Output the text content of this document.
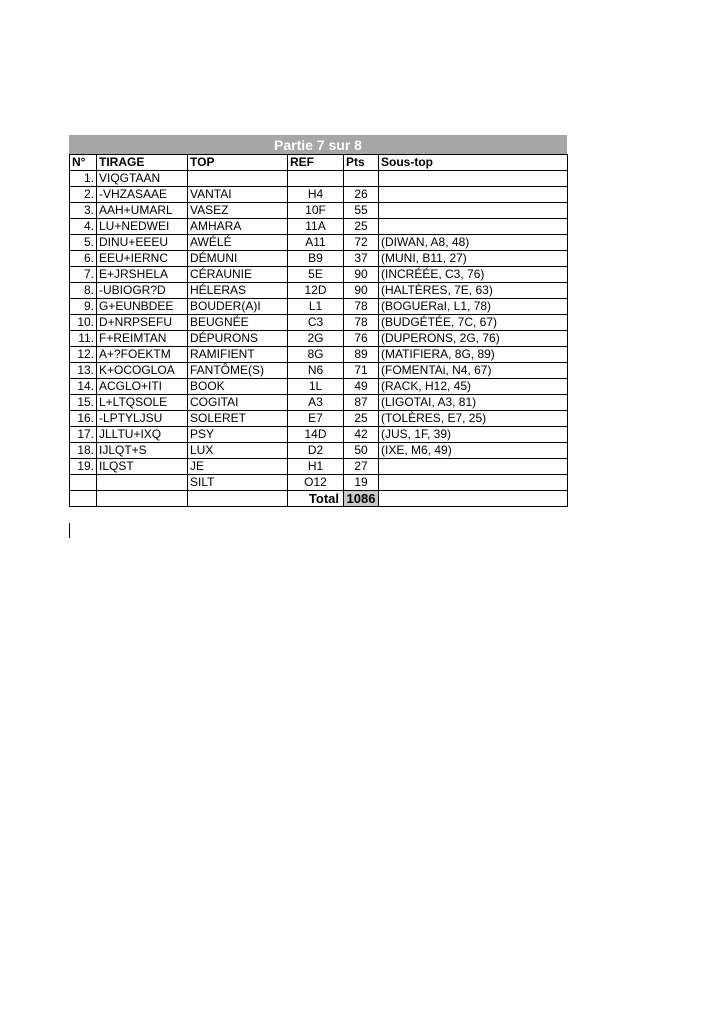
Partie 7 sur 8
N°	TIRAGE	TOP	REF	Pts	Sous-top
1.	VIQGTAAN				
2.	-VHZASAAE	VANTAI	H4	26	
3.	AAH+UMARL	VASEZ	10F	55	
4.	LU+NEDWEI	AMHARA	11A	25	
5.	DINU+EEEU	AWÉLÉ	A11	72	(DIWAN, A8, 48)
6.	EEU+IERNC	DÉMUNI	B9	37	(MUNI, B11, 27)
7.	E+JRSHELA	CÉRAUNIE	5E	90	(INCRÉÉE, C3, 76)
8.	-UBIOGR?D	HÉLERAS	12D	90	(HALTÈRES, 7E, 63)
9.	G+EUNBDEE	BOUDER(A)I	L1	78	(BOGUERaI, L1, 78)
10.	D+NRPSEFU	BEUGNÉE	C3	78	(BUDGÉTÉE, 7C, 67)
11.	F+REIMTAN	DÉPURONS	2G	76	(DUPERONS, 2G, 76)
12.	A+?FOEKTM	RAMIFIENT	8G	89	(MATIFIERA, 8G, 89)
13.	K+OCOGLOA	FANTÔME(S)	N6	71	(FOMENTAi, N4, 67)
14.	ACGLO+ITI	BOOK	1L	49	(RACK, H12, 45)
15.	L+LTQSOLE	COGITAI	A3	87	(LIGOTAI, A3, 81)
16.	-LPTYLJSU	SOLERET	E7	25	(TOLÈRES, E7, 25)
17.	JLLTU+IXQ	PSY	14D	42	(JUS, 1F, 39)
18.	IJLQT+S	LUX	D2	50	(IXE, M6, 49)
19.	ILQST	JE	H1	27	
		SILT	O12	19	
			Total	1086	
